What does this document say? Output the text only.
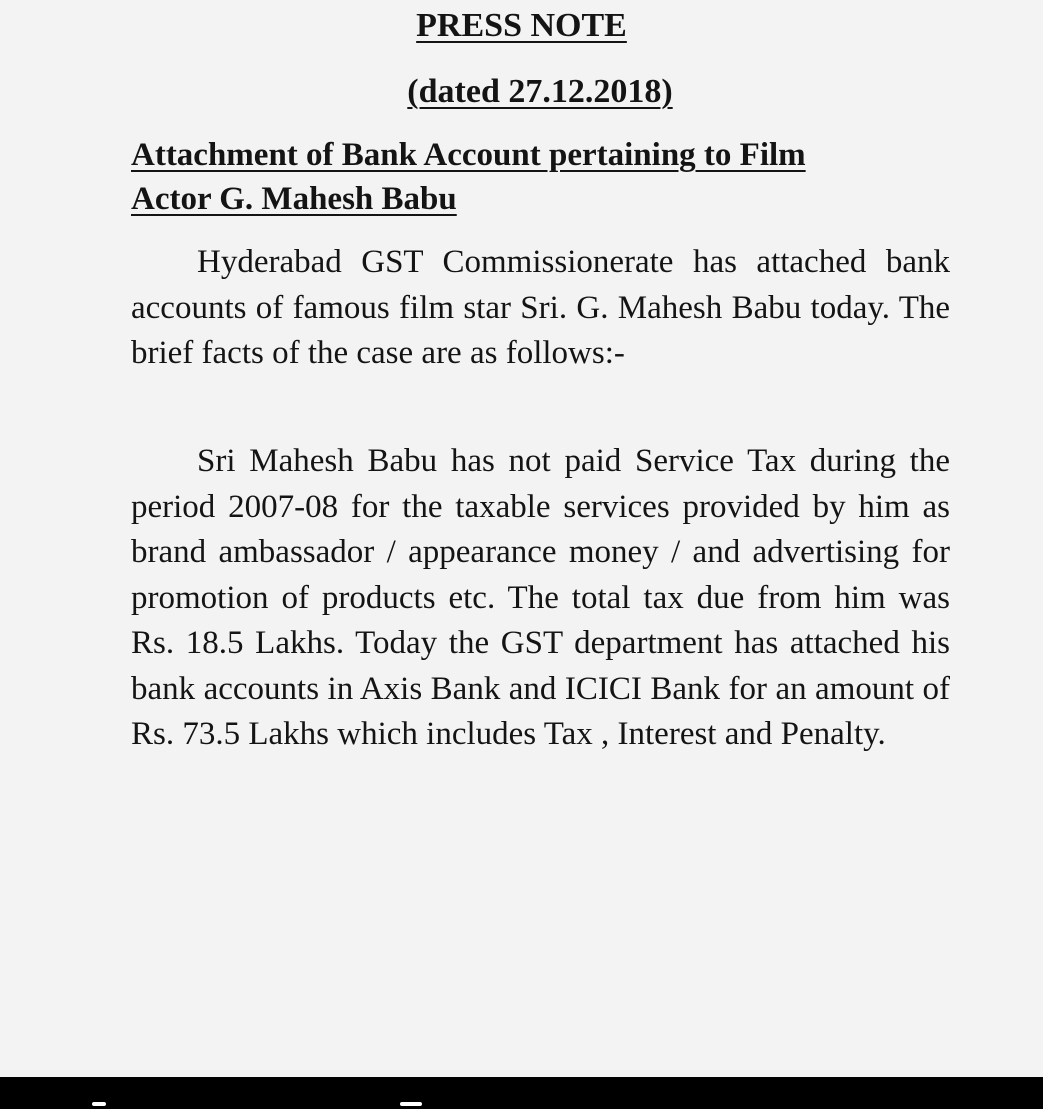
PRESS NOTE
(dated 27.12.2018)
Attachment of Bank Account pertaining to Film
Actor G. Mahesh Babu

Hyderabad GST Commissionerate has attached bank accounts of famous film star Sri. G. Mahesh Babu today. The brief facts of the case are as follows:-

Sri Mahesh Babu has not paid Service Tax during the period 2007-08 for the taxable services provided by him as brand ambassador / appearance money / and advertising for promotion of products etc. The total tax due from him was Rs. 18.5 Lakhs. Today the GST department has attached his bank accounts in Axis Bank and ICICI Bank for an amount of Rs. 73.5 Lakhs which includes Tax , Interest and Penalty.
